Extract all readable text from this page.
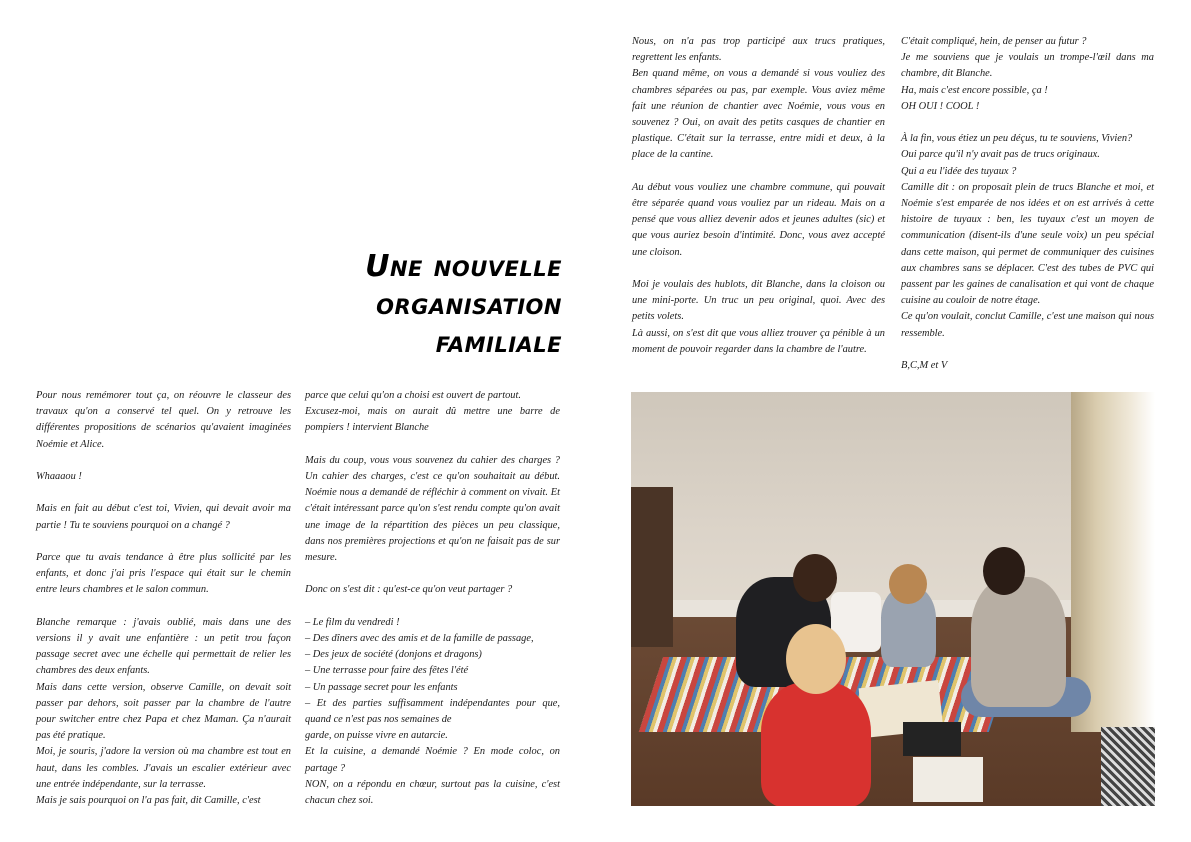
Pour nous remémorer tout ça, on réouvre le classeur des travaux qu'on a conservé tel quel. On y retrouve les différentes propositions de scénarios qu'avaient imaginées Noémie et Alice.

Whaaaou !

Mais en fait au début c'est toi, Vivien, qui devait avoir ma partie ! Tu te souviens pourquoi on a changé ?

Parce que tu avais tendance à être plus sollicité par les enfants, et donc j'ai pris l'espace qui était sur le chemin entre leurs chambres et le salon commun.

Blanche remarque : j'avais oublié, mais dans une des versions il y avait une enfantière : un petit trou façon passage secret avec une échelle qui permettait de relier les chambres des deux enfants.

Mais dans cette version, observe Camille, on devait soit passer par dehors, soit passer par la chambre de l'autre pour switcher entre chez Papa et chez Maman. Ça n'aurait pas été pratique.

Moi, je souris, j'adore la version où ma chambre est tout en haut, dans les combles. J'avais un escalier extérieur avec une entrée indépendante, sur la terrasse.

Mais je sais pourquoi on l'a pas fait, dit Camille, c'est

Une nouvelle
organisation
familiale

parce que celui qu'on a choisi est ouvert de partout.

Excusez-moi, mais on aurait dû mettre une barre de pompiers ! intervient Blanche

Mais du coup, vous vous souvenez du cahier des charges ? Un cahier des charges, c'est ce qu'on souhaitait au début. Noémie nous a demandé de réfléchir à comment on vivait. Et c'était intéressant parce qu'on s'est rendu compte qu'on avait une image de la répartition des pièces un peu classique, dans nos premières projections et qu'on ne faisait pas de sur mesure.

Donc on s'est dit : qu'est-ce qu'on veut partager ?

– Le film du vendredi !
– Des dîners avec des amis et de la famille de passage,
– Des jeux de société (donjons et dragons)
– Une terrasse pour faire des fêtes l'été
– Un passage secret pour les enfants
– Et des parties suffisamment indépendantes pour que, quand ce n'est pas nos semaines de
garde, on puisse vivre en autarcie.

Et la cuisine, a demandé Noémie ? En mode coloc, on partage ?

NON, on a répondu en chœur, surtout pas la cuisine, c'est chacun chez soi.

Nous, on n'a pas trop participé aux trucs pratiques, regrettent les enfants.

Ben quand même, on vous a demandé si vous vouliez des chambres séparées ou pas, par exemple. Vous aviez même fait une réunion de chantier avec Noémie, vous vous en souvenez ? Oui, on avait des petits casques de chantier en plastique. C'était sur la terrasse, entre midi et deux, à la place de la cantine.

Au début vous vouliez une chambre commune, qui pouvait être séparée quand vous vouliez par un rideau. Mais on a pensé que vous alliez devenir ados et jeunes adultes (sic) et que vous auriez besoin d'intimité. Donc, vous avez accepté une cloison.

Moi je voulais des hublots, dit Blanche, dans la cloison ou une mini-porte. Un truc un peu original, quoi. Avec des petits volets.

Là aussi, on s'est dit que vous alliez trouver ça pénible à un moment de pouvoir regarder dans la chambre de l'autre.

C'était compliqué, hein, de penser au futur ?

Je me souviens que je voulais un trompe-l'œil dans ma chambre, dit Blanche.

Ha, mais c'est encore possible, ça !

OH OUI ! COOL !

À la fin, vous étiez un peu déçus, tu te souviens, Vivien?

Oui parce qu'il n'y avait pas de trucs originaux.

Qui a eu l'idée des tuyaux ?

Camille dit : on proposait plein de trucs Blanche et moi, et Noémie s'est emparée de nos idées et on est arrivés à cette histoire de tuyaux : ben, les tuyaux c'est un moyen de communication (disent-ils d'une seule voix) un peu spécial dans cette maison, qui permet de communiquer des cuisines aux chambres sans se déplacer. C'est des tubes de PVC qui passent par les gaines de canalisation et qui vont de chaque cuisine au couloir de notre étage.

Ce qu'on voulait, conclut Camille, c'est une maison qui nous ressemble.

B,C,M et V
